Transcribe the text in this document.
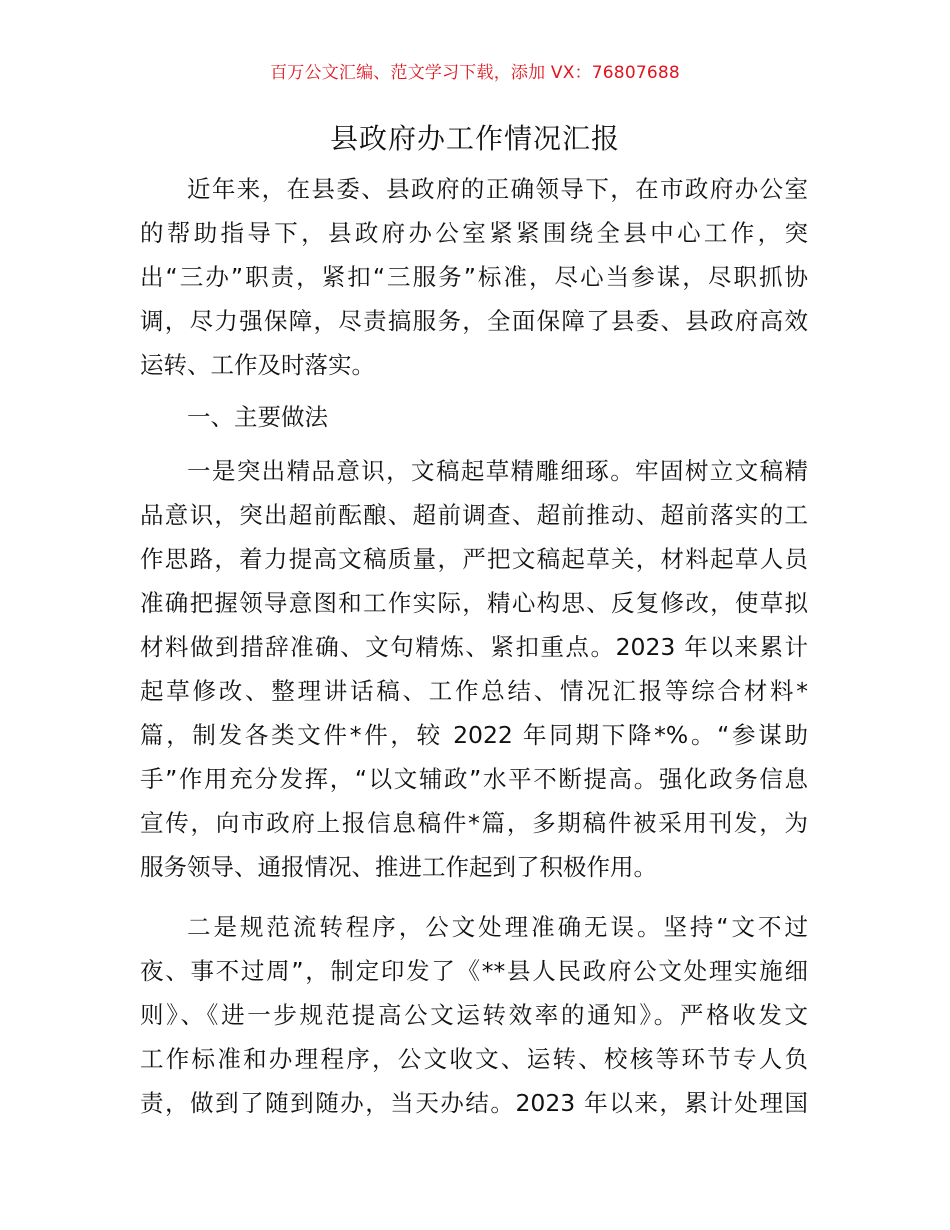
百万公文汇编、范文学习下载，添加 VX：76807688
县政府办工作情况汇报
近年来，在县委、县政府的正确领导下，在市政府办公室
的帮助指导下，县政府办公室紧紧围绕全县中心工作，突
出“三办”职责，紧扣“三服务”标准，尽心当参谋，尽职抓协
调，尽力强保障，尽责搞服务，全面保障了县委、县政府高效
运转、工作及时落实。
一、主要做法
一是突出精品意识，文稿起草精雕细琢。牢固树立文稿精
品意识，突出超前酝酿、超前调查、超前推动、超前落实的工
作思路，着力提高文稿质量，严把文稿起草关，材料起草人员
准确把握领导意图和工作实际，精心构思、反复修改，使草拟
材料做到措辞准确、文句精炼、紧扣重点。2023 年以来累计
起草修改、整理讲话稿、工作总结、情况汇报等综合材料*
篇，制发各类文件*件，较 2022 年同期下降*%。“参谋助
手”作用充分发挥，“以文辅政”水平不断提高。强化政务信息
宣传，向市政府上报信息稿件*篇，多期稿件被采用刊发，为
服务领导、通报情况、推进工作起到了积极作用。
二是规范流转程序，公文处理准确无误。坚持“文不过
夜、事不过周”，制定印发了《**县人民政府公文处理实施细
则》、《进一步规范提高公文运转效率的通知》。严格收发文
工作标准和办理程序，公文收文、运转、校核等环节专人负
责，做到了随到随办，当天办结。2023 年以来，累计处理国
